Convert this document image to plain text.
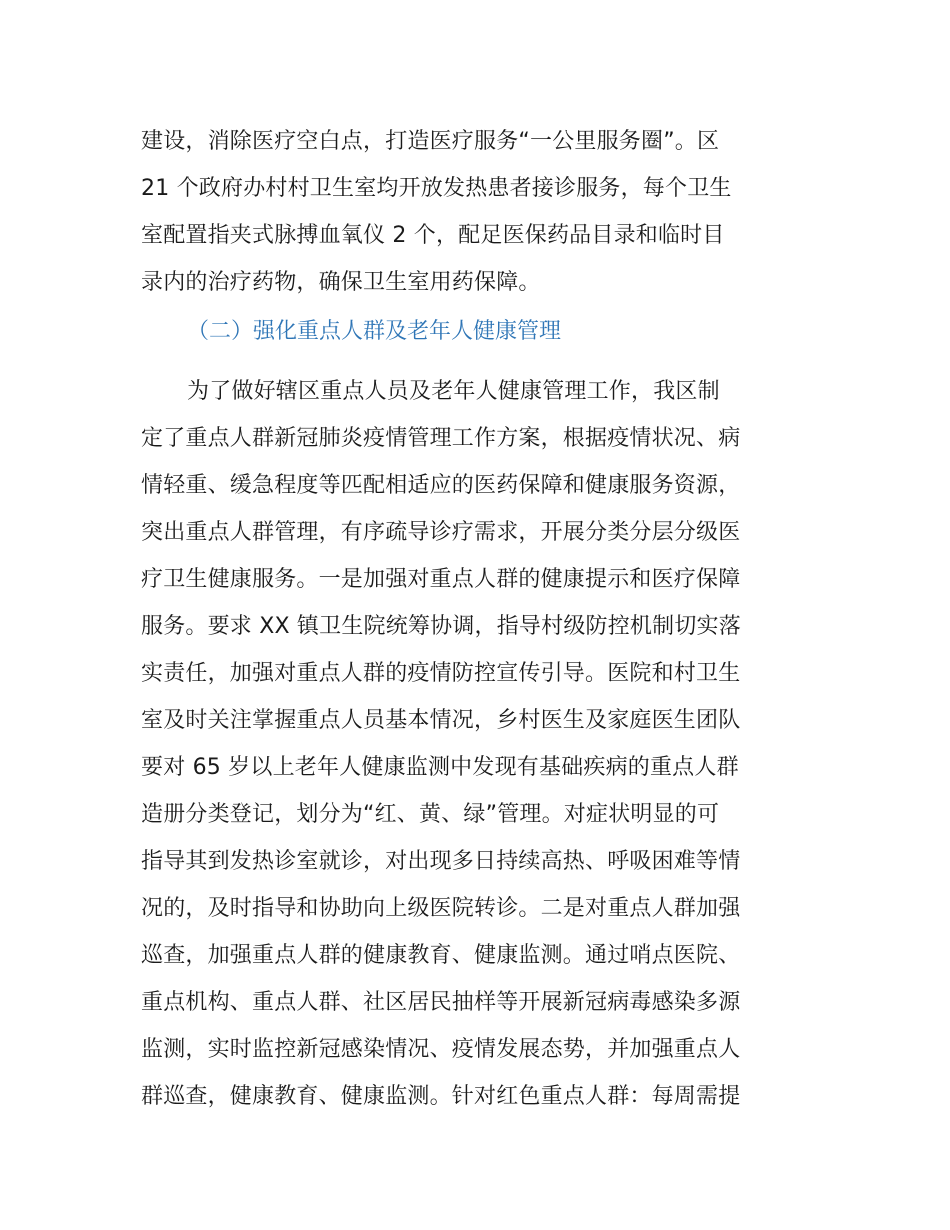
建设，消除医疗空白点，打造医疗服务“一公里服务圈”。区
21 个政府办村村卫生室均开放发热患者接诊服务，每个卫生
室配置指夹式脉搏血氧仪 2 个，配足医保药品目录和临时目
录内的治疗药物，确保卫生室用药保障。
（二）强化重点人群及老年人健康管理
为了做好辖区重点人员及老年人健康管理工作，我区制
定了重点人群新冠肺炎疫情管理工作方案，根据疫情状况、病
情轻重、缓急程度等匹配相适应的医药保障和健康服务资源，
突出重点人群管理，有序疏导诊疗需求，开展分类分层分级医
疗卫生健康服务。一是加强对重点人群的健康提示和医疗保障
服务。要求 XX 镇卫生院统筹协调，指导村级防控机制切实落
实责任，加强对重点人群的疫情防控宣传引导。医院和村卫生
室及时关注掌握重点人员基本情况，乡村医生及家庭医生团队
要对 65 岁以上老年人健康监测中发现有基础疾病的重点人群
造册分类登记，划分为“红、黄、绿”管理。对症状明显的可
指导其到发热诊室就诊，对出现多日持续高热、呼吸困难等情
况的，及时指导和协助向上级医院转诊。二是对重点人群加强
巡查，加强重点人群的健康教育、健康监测。通过哨点医院、
重点机构、重点人群、社区居民抽样等开展新冠病毒感染多源
监测，实时监控新冠感染情况、疫情发展态势，并加强重点人
群巡查，健康教育、健康监测。针对红色重点人群：每周需提
